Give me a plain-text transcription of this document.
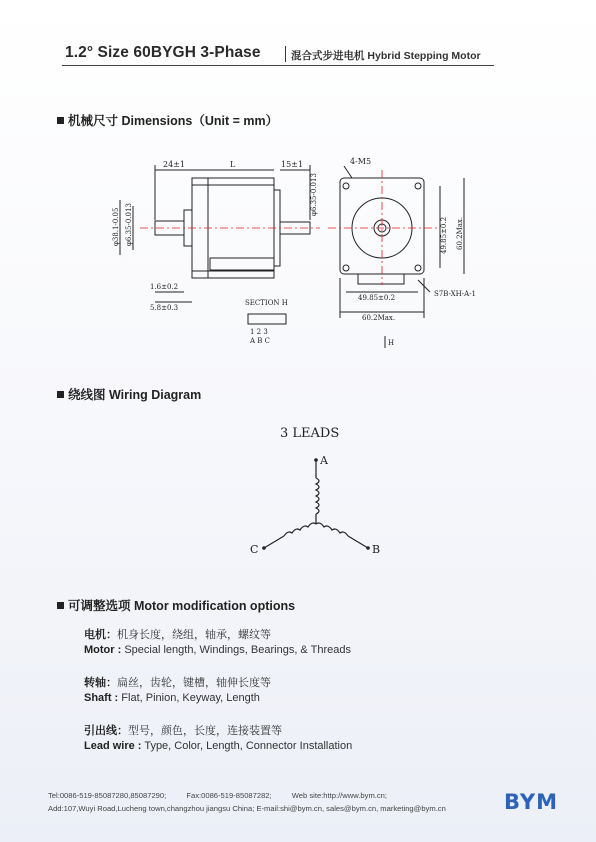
1.2° Size 60BYGH 3-Phase	混合式步进电机 Hybrid Stepping Motor
机械尺寸 Dimensions（Unit = mm）
24±1	L	15±1	4-M5
φ6.35-0.013
φ38.1-0.05 φ6.35-0.013	49.85±0.2 60.2Max.
1.6±0.2
5.8±0.3
49.85±0.2
60.2Max.
S7B-XH-A-1
SECTION H
1 2 3
A B C	H
绕线图 Wiring Diagram
3 LEADS
A
C	B
可调整选项 Motor modification options
电机：机身长度，绕组，轴承，螺纹等
Motor : Special length, Windings, Bearings, & Threads
转轴：扁丝，齿轮，键槽，轴伸长度等
Shaft : Flat, Pinion, Keyway, Length
引出线：型号，颜色，长度，连接装置等
Lead wire : Type, Color, Length, Connector Installation
Tel:0086-519-85087280,85087290;	Fax:0086-519-85087282;	Web site:http://www.bym.cn;
Add:107,Wuyi Road,Lucheng town,changzhou jiangsu China; E-mail:shi@bym.cn, sales@bym.cn, marketing@bym.cn	BYM
